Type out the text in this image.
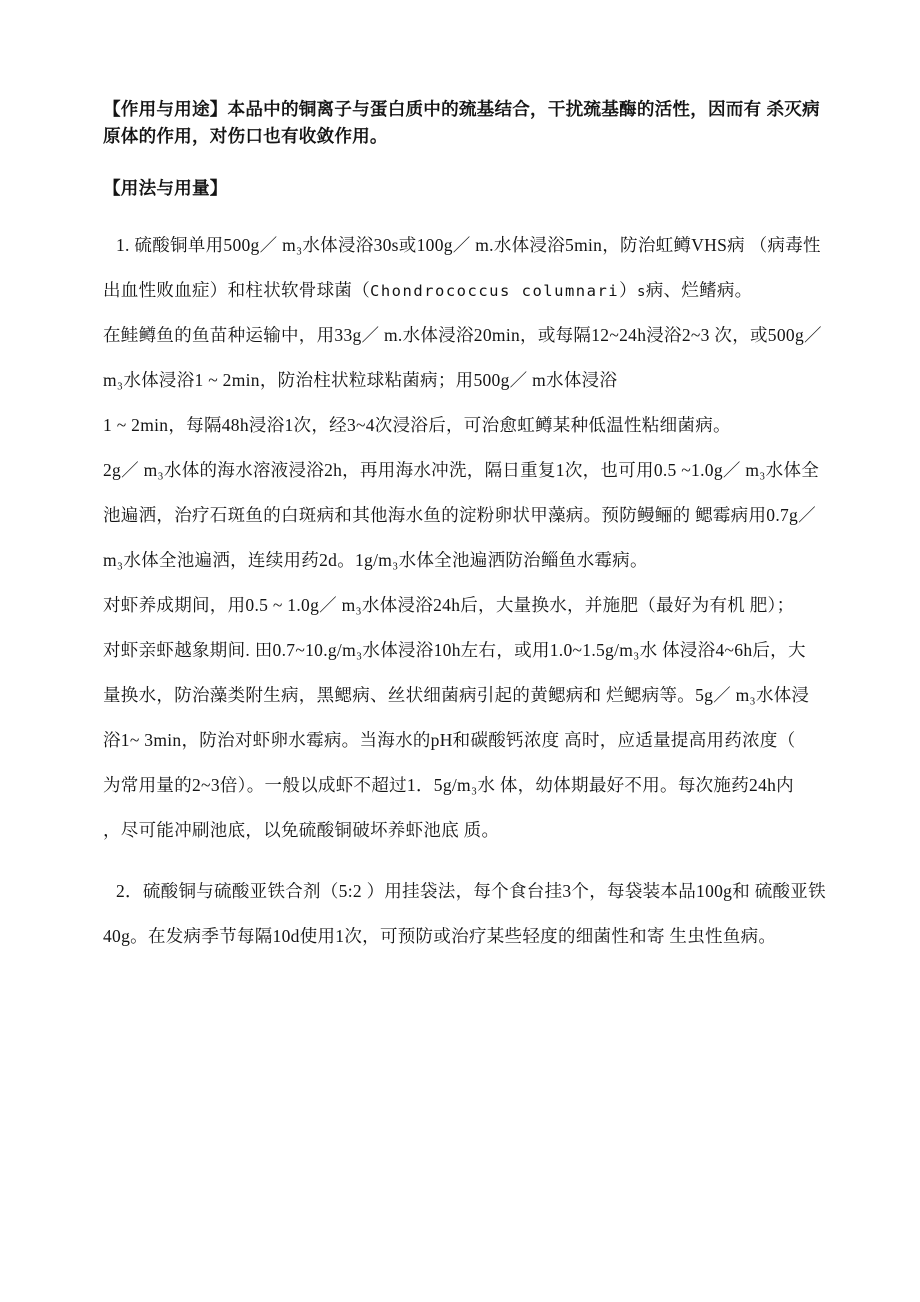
【作用与用途】本品中的铜离子与蛋白质中的巯基结合，干扰巯基酶的活性，因而有 杀灭病
原体的作用，对伤口也有收敛作用。
【用法与用量】
1. 硫酸铜单用500g／ m₃水体浸浴30s或100g／ m.水体浸浴5min，防治虹鳟VHS病 （病毒性
出血性败血症）和柱状软骨球菌（Chondrococcus columnari）s病、烂鳍病。
在鲑鳟鱼的鱼苗种运输中，用33g／ m.水体浸浴20min，或每隔12~24h浸浴2~3 次，或500g／
m₃水体浸浴1 ~ 2min，防治柱状粒球粘菌病；用500g／ m水体浸浴
1 ~ 2min，每隔48h浸浴1次，经3~4次浸浴后，可治愈虹鳟某种低温性粘细菌病。
2g／ m₃水体的海水溶液浸浴2h，再用海水冲洗，隔日重复1次，也可用0.5 ~1.0g／ m₃水体全
池遍洒，治疗石斑鱼的白斑病和其他海水鱼的淀粉卵状甲藻病。预防鳗鲡的 鳃霉病用0.7g／
m₃水体全池遍洒，连续用药2d。1g/m₃水体全池遍洒防治鲻鱼水霉病。
对虾养成期间，用0.5 ~ 1.0g／ m₃水体浸浴24h后，大量换水，并施肥（最好为有机 肥）；
对虾亲虾越象期间. 田0.7~10.g/m₃水体浸浴10h左右，或用1.0~1.5g/m₃水 体浸浴4~6h后，大
量换水，防治藻类附生病，黑鳃病、丝状细菌病引起的黄鳃病和 烂鳃病等。5g／ m₃水体浸
浴1~ 3min，防治对虾卵水霉病。当海水的pH和碳酸钙浓度 高时，应适量提高用药浓度（
为常用量的2~3倍）。一般以成虾不超过1．5g/m₃水 体，幼体期最好不用。每次施药24h内
，尽可能冲刷池底，以免硫酸铜破坏养虾池底 质。
2．硫酸铜与硫酸亚铁合剂（5:2 ）用挂袋法，每个食台挂3个，每袋装本品100g和 硫酸亚铁
40g。在发病季节每隔10d使用1次，可预防或治疗某些轻度的细菌性和寄 生虫性鱼病。
